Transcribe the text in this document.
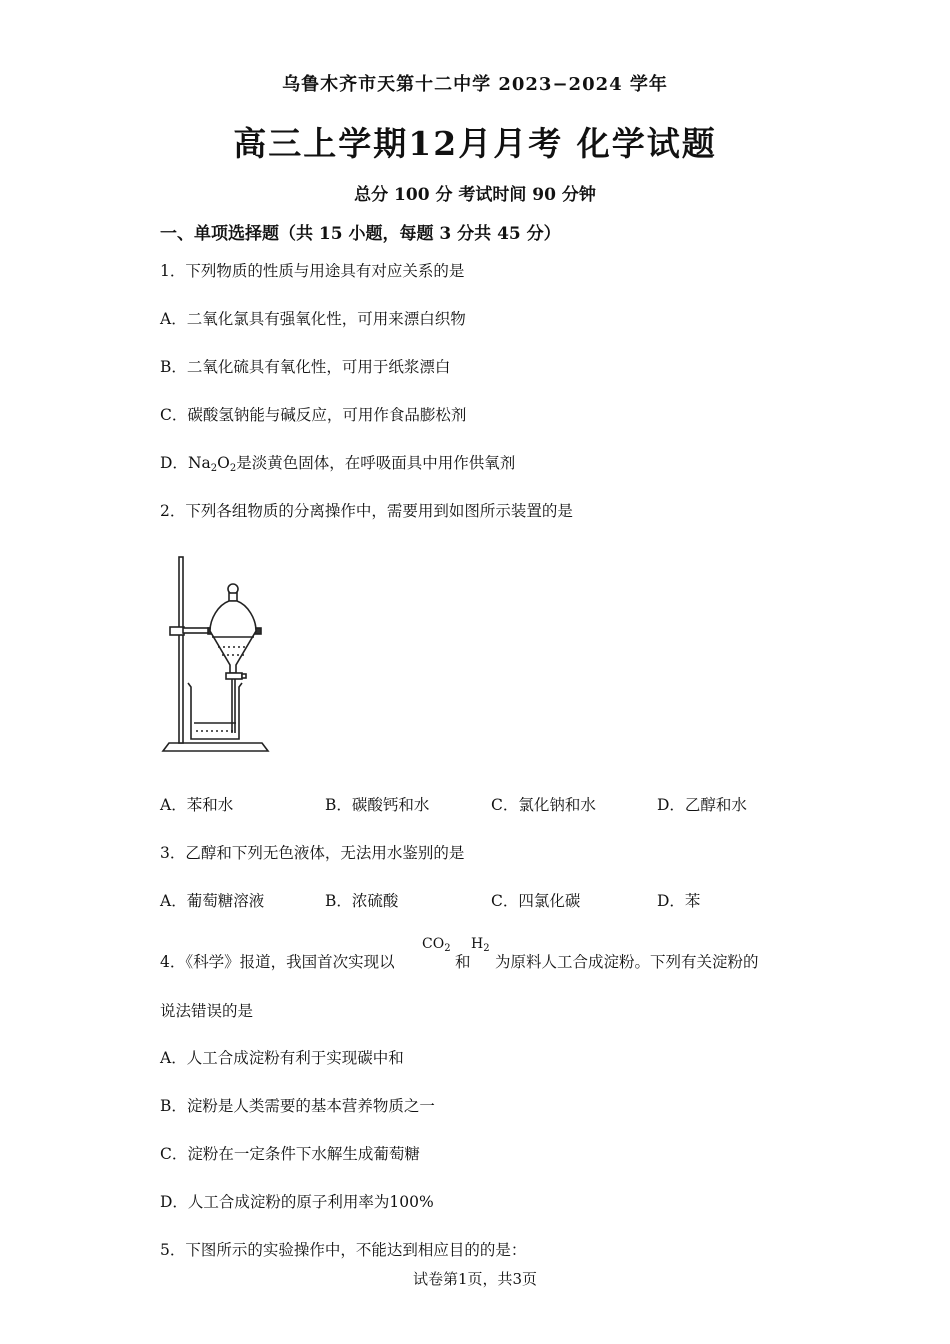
乌鲁木齐市天第十二中学 2023−2024 学年
高三上学期12月月考 化学试题
总分 100 分 考试时间 90 分钟
一、单项选择题（共 15 小题，每题 3 分共 45 分）
1．下列物质的性质与用途具有对应关系的是
A．二氧化氯具有强氧化性，可用来漂白织物
B．二氧化硫具有氧化性，可用于纸浆漂白
C．碳酸氢钠能与碱反应，可用作食品膨松剂
D．$Na_2O_2$是淡黄色固体，在呼吸面具中用作供氧剂
2．下列各组物质的分离操作中，需要用到如图所示装置的是
A．苯和水	B．碳酸钙和水	C．氯化钠和水	D．乙醇和水
3．乙醇和下列无色液体，无法用水鉴别的是
A．葡萄糖溶液	B．浓硫酸	C．四氯化碳	D．苯
4．《科学》报道，我国首次实现以
$CO_2$
和
$H_2$
为原料人工合成淀粉。下列有关淀粉的
说法错误的是
A．人工合成淀粉有利于实现碳中和
B．淀粉是人类需要的基本营养物质之一
C．淀粉在一定条件下水解生成葡萄糖
D．人工合成淀粉的原子利用率为100%
5．下图所示的实验操作中，不能达到相应目的的是：
试卷第1页，共3页
